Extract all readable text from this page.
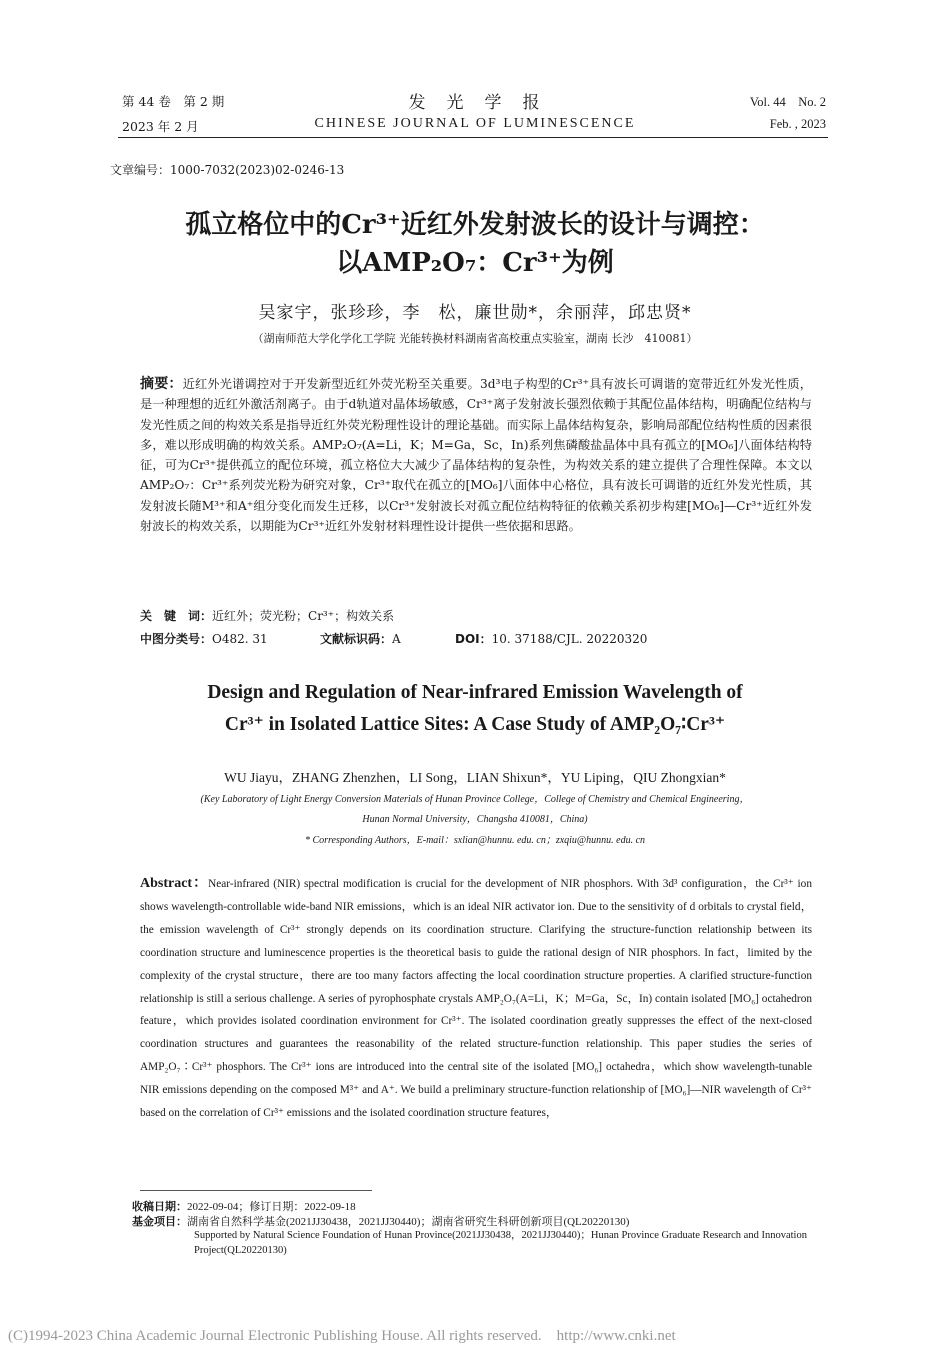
第 44 卷　第 2 期
2023 年 2 月
发　光　学　报
CHINESE JOURNAL OF LUMINESCENCE
Vol. 44　No. 2
Feb. , 2023
文章编号：1000-7032(2023)02-0246-13
孤立格位中的Cr³⁺近红外发射波长的设计与调控：
以AMP₂O₇：Cr³⁺为例
吴家宇，张珍珍，李　松，廉世勋*，余丽萍，邱忠贤*
（湖南师范大学化学化工学院 光能转换材料湖南省高校重点实验室，湖南 长沙　410081）
摘要：近红外光谱调控对于开发新型近红外荧光粉至关重要。3d³电子构型的Cr³⁺具有波长可调谐的宽带近红外发光性质，是一种理想的近红外激活剂离子。由于d轨道对晶体场敏感，Cr³⁺离子发射波长强烈依赖于其配位晶体结构，明确配位结构与发光性质之间的构效关系是指导近红外荧光粉理性设计的理论基础。而实际上晶体结构复杂，影响局部配位结构性质的因素很多，难以形成明确的构效关系。AMP₂O₇(A=Li，K；M=Ga，Sc，In)系列焦磷酸盐晶体中具有孤立的[MO₆]八面体结构特征，可为Cr³⁺提供孤立的配位环境，孤立格位大大减少了晶体结构的复杂性，为构效关系的建立提供了合理性保障。本文以AMP₂O₇：Cr³⁺系列荧光粉为研究对象，Cr³⁺取代在孤立的[MO₆]八面体中心格位，具有波长可调谐的近红外发光性质，其发射波长随M³⁺和A⁺组分变化而发生迁移，以Cr³⁺发射波长对孤立配位结构特征的依赖关系初步构建[MO₆]—Cr³⁺近红外发射波长的构效关系，以期能为Cr³⁺近红外发射材料理性设计提供一些依据和思路。
关　键　词：近红外；荧光粉；Cr³⁺；构效关系
中图分类号：O482. 31	文献标识码：A	DOI：10. 37188/CJL. 20220320
Design and Regulation of Near-infrared Emission Wavelength of
Cr³⁺ in Isolated Lattice Sites: A Case Study of AMP₂O₇∶Cr³⁺
WU Jiayu，ZHANG Zhenzhen，LI Song，LIAN Shixun*，YU Liping，QIU Zhongxian*
(Key Laboratory of Light Energy Conversion Materials of Hunan Province College，College of Chemistry and Chemical Engineering，
Hunan Normal University，Changsha 410081，China)
* Corresponding Authors，E-mail：sxlian@hunnu. edu. cn；zxqiu@hunnu. edu. cn
Abstract：Near-infrared (NIR) spectral modification is crucial for the development of NIR phosphors. With 3d³ configuration，the Cr³⁺ ion shows wavelength-controllable wide-band NIR emissions，which is an ideal NIR activator ion. Due to the sensitivity of d orbitals to crystal field，the emission wavelength of Cr³⁺ strongly depends on its coordination structure. Clarifying the structure-function relationship between its coordination structure and luminescence properties is the theoretical basis to guide the rational design of NIR phosphors. In fact，limited by the complexity of the crystal structure，there are too many factors affecting the local coordination structure properties. A clarified structure-function relationship is still a serious challenge. A series of pyrophosphate crystals AMP₂O₇(A=Li，K；M=Ga，Sc，In) contain isolated [MO₆] octahedron feature，which provides isolated coordination environment for Cr³⁺. The isolated coordination greatly suppresses the effect of the next-closed coordination structures and guarantees the reasonability of the related structure-function relationship. This paper studies the series of AMP₂O₇∶Cr³⁺ phosphors. The Cr³⁺ ions are introduced into the central site of the isolated [MO₆] octahedra，which show wavelength-tunable NIR emissions depending on the composed M³⁺ and A⁺. We build a preliminary structure-function relationship of [MO₆]—NIR wavelength of Cr³⁺ based on the correlation of Cr³⁺ emissions and the isolated coordination structure features，
收稿日期：2022-09-04；修订日期：2022-09-18
基金项目：湖南省自然科学基金(2021JJ30438，2021JJ30440)；湖南省研究生科研创新项目(QL20220130)
Supported by Natural Science Foundation of Hunan Province(2021JJ30438，2021JJ30440)；Hunan Province Graduate Research and Innovation Project(QL20220130)
(C)1994-2023 China Academic Journal Electronic Publishing House. All rights reserved.　http://www.cnki.net
